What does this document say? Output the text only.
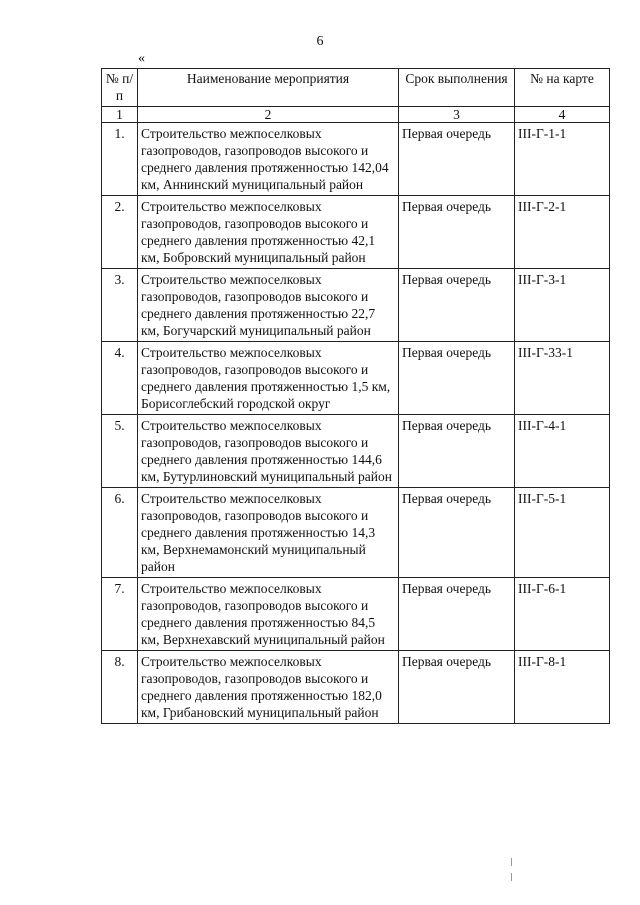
6
«
№ п/п	Наименование мероприятия	Срок выполнения	№ на карте
1	2	3	4
1.	Строительство межпоселковых газопроводов, газопроводов высокого и среднего давления протяженностью 142,04 км, Аннинский муниципальный район	Первая очередь	III-Г-1-1
2.	Строительство межпоселковых газопроводов, газопроводов высокого и среднего давления протяженностью 42,1 км, Бобровский муниципальный район	Первая очередь	III-Г-2-1
3.	Строительство межпоселковых газопроводов, газопроводов высокого и среднего давления протяженностью 22,7 км, Богучарский муниципальный район	Первая очередь	III-Г-3-1
4.	Строительство межпоселковых газопроводов, газопроводов высокого и среднего давления протяженностью 1,5 км, Борисоглебский городской округ	Первая очередь	III-Г-33-1
5.	Строительство межпоселковых газопроводов, газопроводов высокого и среднего давления протяженностью 144,6 км, Бутурлиновский муниципальный район	Первая очередь	III-Г-4-1
6.	Строительство межпоселковых газопроводов, газопроводов высокого и среднего давления протяженностью 14,3 км, Верхнемамонский муниципальный район	Первая очередь	III-Г-5-1
7.	Строительство межпоселковых газопроводов, газопроводов высокого и среднего давления протяженностью 84,5 км, Верхнехавский муниципальный район	Первая очередь	III-Г-6-1
8.	Строительство межпоселковых газопроводов, газопроводов высокого и среднего давления протяженностью 182,0 км, Грибановский муниципальный район	Первая очередь	III-Г-8-1
